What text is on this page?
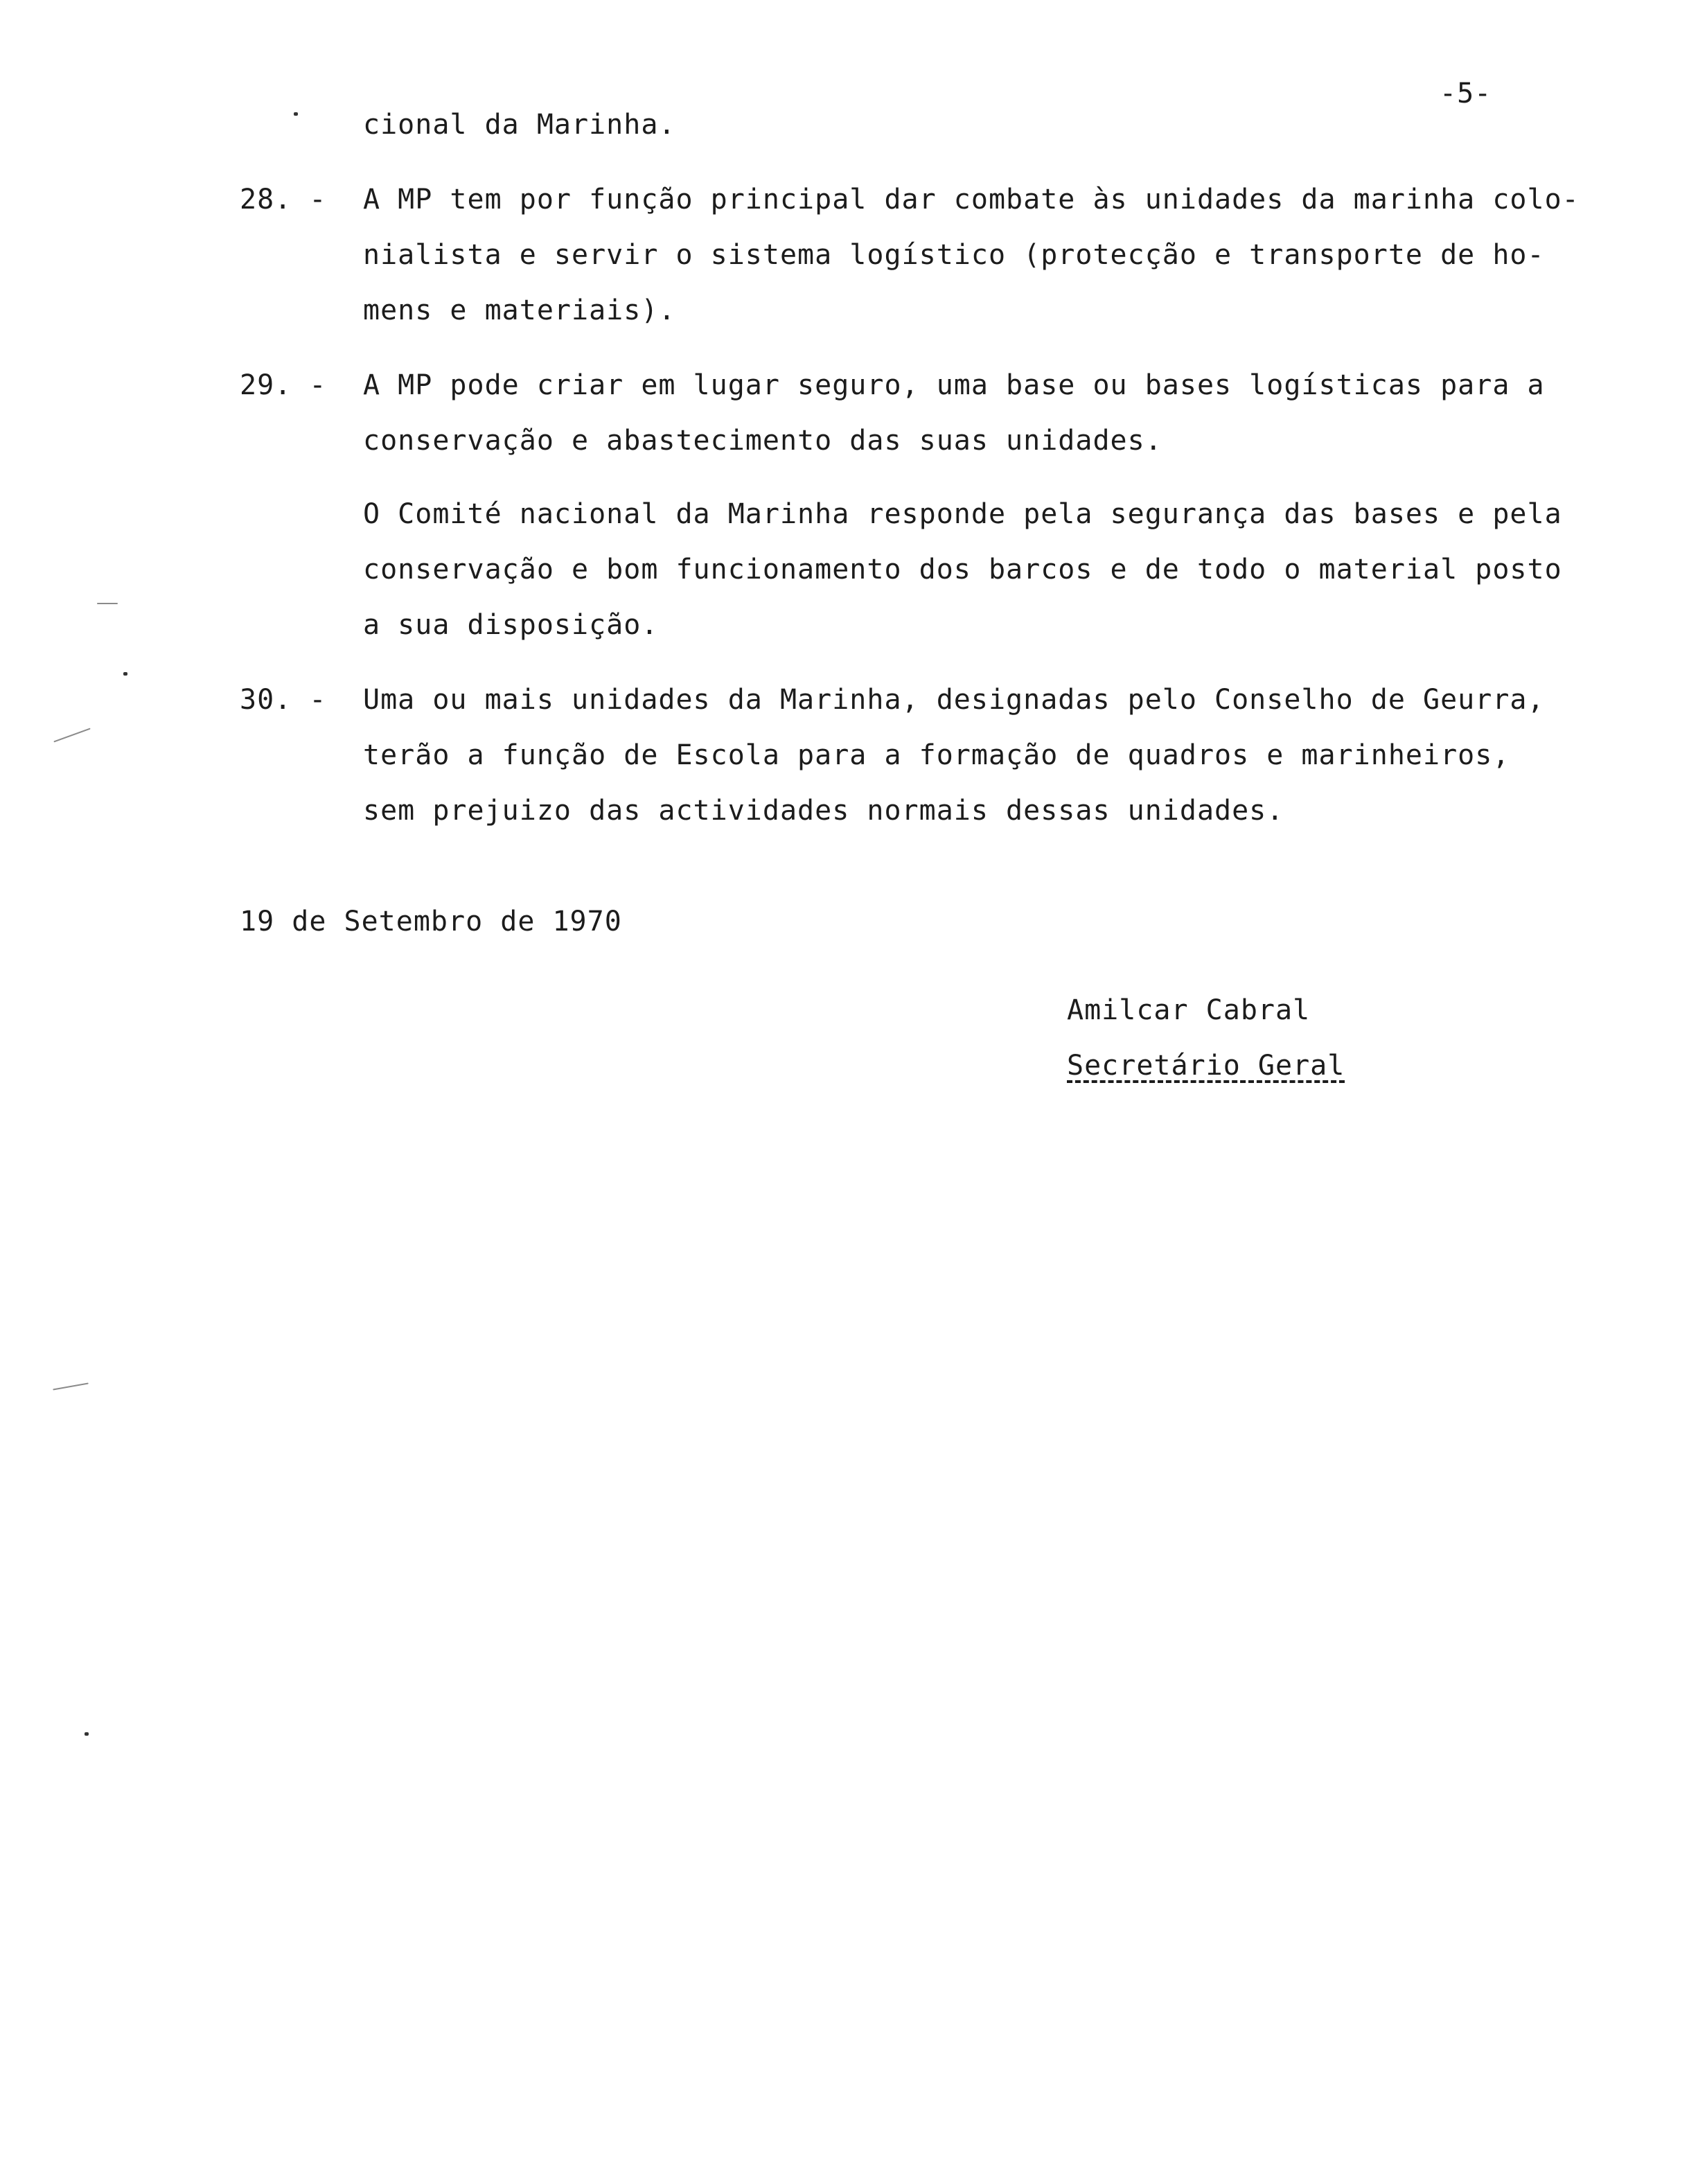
-5-
cional da Marinha.
28. - A MP tem por função principal dar combate às unidades da marinha colo-
nialista e servir o sistema logístico (protecção e transporte de ho-
mens e materiais).
29. - A MP pode criar em lugar seguro, uma base ou bases logísticas para a
conservação e abastecimento das suas unidades.
O Comité nacional da Marinha responde pela segurança das bases e pela
conservação e bom funcionamento dos barcos e de todo o material posto
a sua disposição.
30. - Uma ou mais unidades da Marinha, designadas pelo Conselho de Geurra,
terão a função de Escola para a formação de quadros e marinheiros,
sem prejuizo das actividades normais dessas unidades.
19 de Setembro de 1970
Amilcar Cabral
Secretário Geral
